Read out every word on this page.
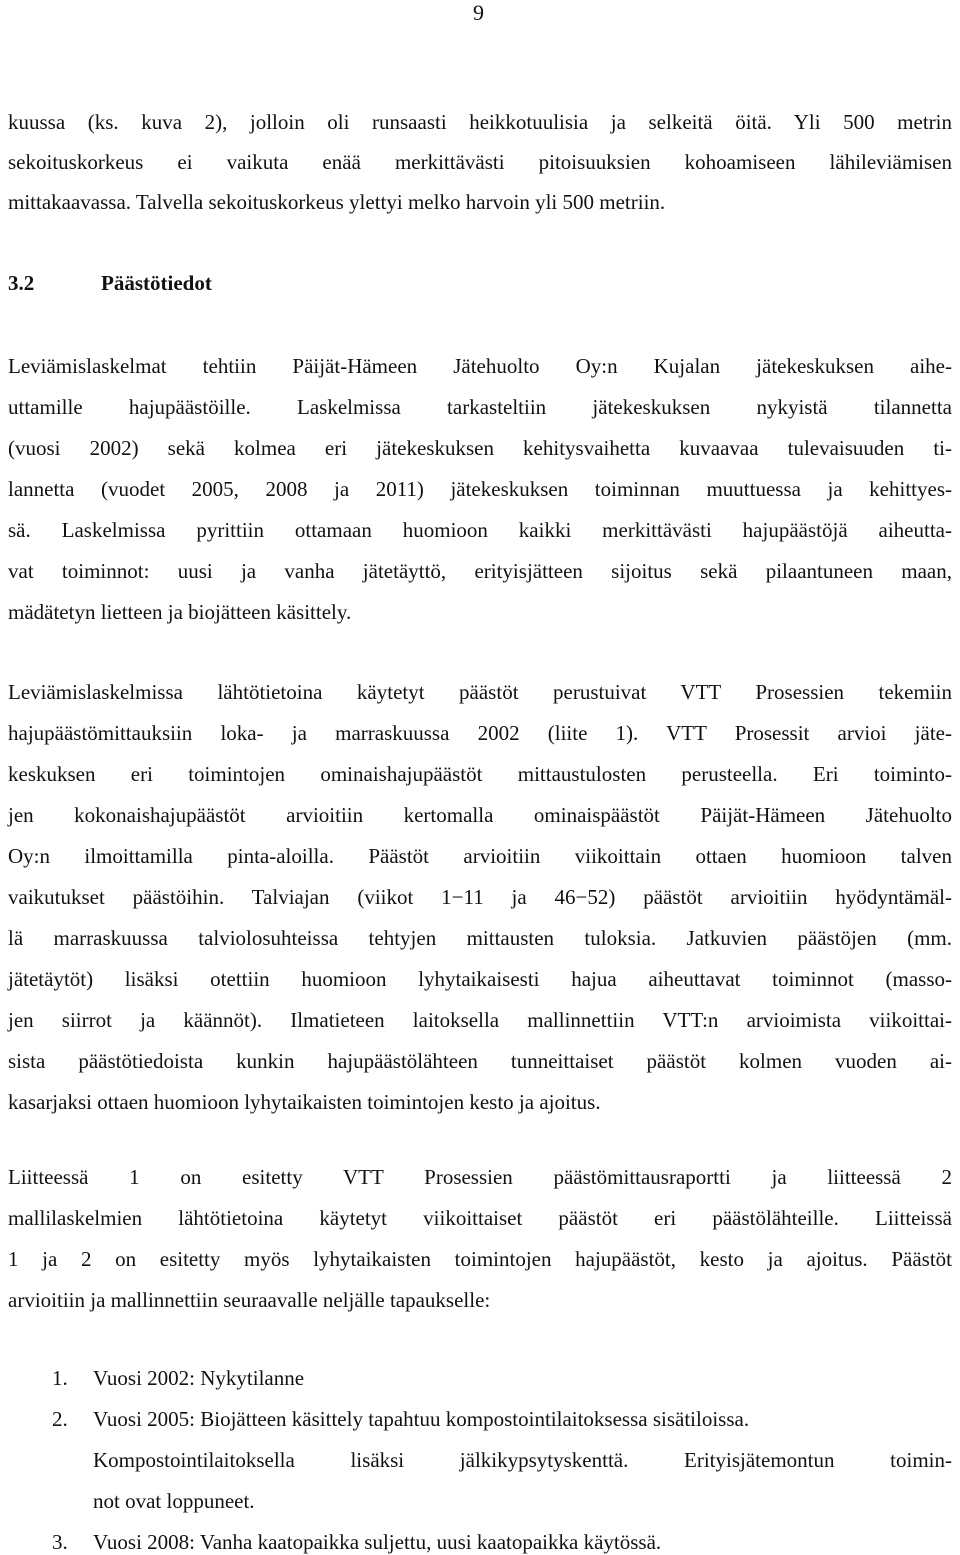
9
kuussa (ks. kuva 2), jolloin oli runsaasti heikkotuulisia ja selkeitä öitä. Yli 500 metrin
sekoituskorkeus ei vaikuta enää merkittävästi pitoisuuksien kohoamiseen lähileviämisen
mittakaavassa. Talvella sekoituskorkeus ylettyi melko harvoin yli 500 metriin.
3.2	Päästötiedot
Leviämislaskelmat tehtiin Päijät-Hämeen Jätehuolto Oy:n Kujalan jätekeskuksen aihe-
uttamille hajupäästöille. Laskelmissa tarkasteltiin jätekeskuksen nykyistä tilannetta
(vuosi 2002) sekä kolmea eri jätekeskuksen kehitysvaihetta kuvaavaa tulevaisuuden ti-
lannetta (vuodet 2005, 2008 ja 2011) jätekeskuksen toiminnan muuttuessa ja kehittyes-
sä. Laskelmissa pyrittiin ottamaan huomioon kaikki merkittävästi hajupäästöjä aiheutta-
vat toiminnot: uusi ja vanha jätetäyttö, erityisjätteen sijoitus sekä pilaantuneen maan,
mädätetyn lietteen ja biojätteen käsittely.
Leviämislaskelmissa lähtötietoina käytetyt päästöt perustuivat VTT Prosessien tekemiin
hajupäästömittauksiin loka- ja marraskuussa 2002 (liite 1). VTT Prosessit arvioi jäte-
keskuksen eri toimintojen ominaishajupäästöt mittaustulosten perusteella. Eri toiminto-
jen kokonaishajupäästöt arvioitiin kertomalla ominaispäästöt Päijät-Hämeen Jätehuolto
Oy:n ilmoittamilla pinta-aloilla. Päästöt arvioitiin viikoittain ottaen huomioon talven
vaikutukset päästöihin. Talviajan (viikot 1−11 ja 46−52) päästöt arvioitiin hyödyntämäl-
lä marraskuussa talviolosuhteissa tehtyjen mittausten tuloksia. Jatkuvien päästöjen (mm.
jätetäytöt) lisäksi otettiin huomioon lyhytaikaisesti hajua aiheuttavat toiminnot (masso-
jen siirrot ja käännöt). Ilmatieteen laitoksella mallinnettiin VTT:n arvioimista viikoittai-
sista päästötiedoista kunkin hajupäästölähteen tunneittaiset päästöt kolmen vuoden ai-
kasarjaksi ottaen huomioon lyhytaikaisten toimintojen kesto ja ajoitus.
Liitteessä 1 on esitetty VTT Prosessien päästömittausraportti ja liitteessä 2
mallilaskelmien lähtötietoina käytetyt viikoittaiset päästöt eri päästölähteille. Liitteissä
1 ja 2 on esitetty myös lyhytaikaisten toimintojen hajupäästöt, kesto ja ajoitus. Päästöt
arvioitiin ja mallinnettiin seuraavalle neljälle tapaukselle:
1. Vuosi 2002: Nykytilanne
2. Vuosi 2005: Biojätteen käsittely tapahtuu kompostointilaitoksessa sisätiloissa.
Kompostointilaitoksella lisäksi jälkikypsytyskenttä. Erityisjätemontun toimin-
not ovat loppuneet.
3. Vuosi 2008: Vanha kaatopaikka suljettu, uusi kaatopaikka käytössä.
